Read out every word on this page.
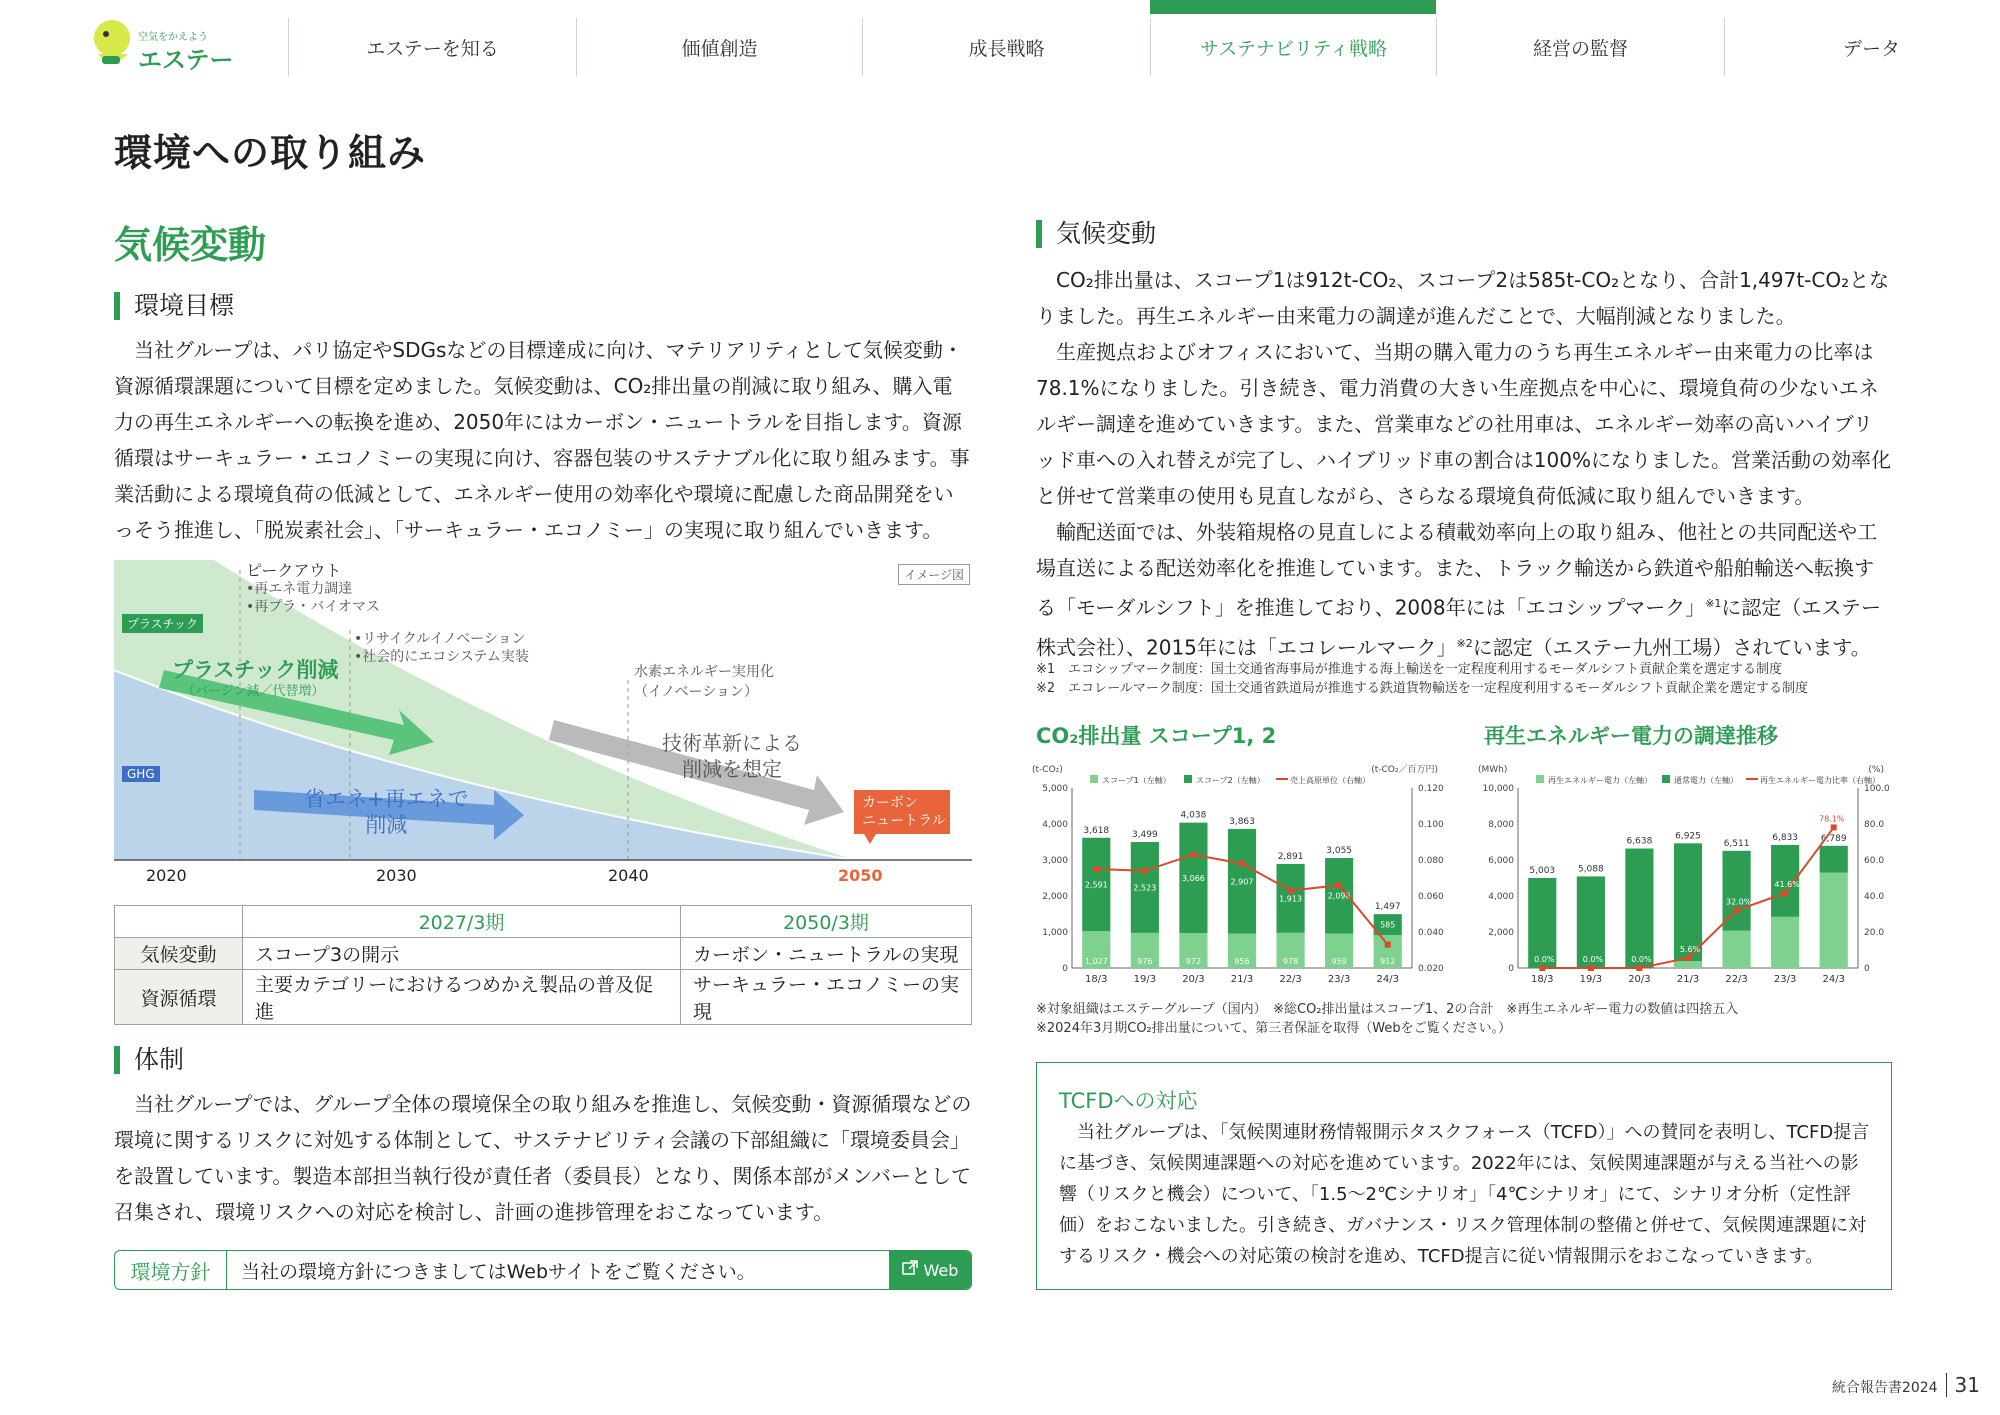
空気をかえよう
エステー	エステーを知る	価値創造	成長戦略	サステナビリティ戦略	経営の監督	データ
環境への取り組み
気候変動
環境目標
当社グループは、パリ協定やSDGsなどの目標達成に向け、マテリアリティとして気候変動・資源循環課題について目標を定めました。気候変動は、CO₂排出量の削減に取り組み、購入電力の再生エネルギーへの転換を進め、2050年にはカーボン・ニュートラルを目指します。資源循環はサーキュラー・エコノミーの実現に向け、容器包装のサステナブル化に取り組みます。事業活動による環境負荷の低減として、エネルギー使用の効率化や環境に配慮した商品開発をいっそう推進し、「脱炭素社会」、「サーキュラー・エコノミー」の実現に取り組んでいきます。
イメージ図
プラスチック
GHG
ピークアウト
•再エネ電力調達
•再プラ・バイオマス
•リサイクルイノベーション
•社会的にエコシステム実装
水素エネルギー実用化
（イノベーション）
プラスチック削減
（バージン減／代替増）
省エネ+再エネで
削減
技術革新による
削減を想定
カーボン
ニュートラル
2020	2030	2040	2050
	2027/3期	2050/3期
気候変動	スコープ3の開示	カーボン・ニュートラルの実現
資源循環	主要カテゴリーにおけるつめかえ製品の普及促進	サーキュラー・エコノミーの実現
体制
当社グループでは、グループ全体の環境保全の取り組みを推進し、気候変動・資源循環などの環境に関するリスクに対処する体制として、サステナビリティ会議の下部組織に「環境委員会」を設置しています。製造本部担当執行役が責任者（委員長）となり、関係本部がメンバーとして召集され、環境リスクへの対応を検討し、計画の進捗管理をおこなっています。
環境方針	当社の環境方針につきましてはWebサイトをご覧ください。	Web
気候変動
CO₂排出量は、スコープ1は912t-CO₂、スコープ2は585t-CO₂となり、合計1,497t-CO₂となりました。再生エネルギー由来電力の調達が進んだことで、大幅削減となりました。
生産拠点およびオフィスにおいて、当期の購入電力のうち再生エネルギー由来電力の比率は78.1%になりました。引き続き、電力消費の大きい生産拠点を中心に、環境負荷の少ないエネルギー調達を進めていきます。また、営業車などの社用車は、エネルギー効率の高いハイブリッド車への入れ替えが完了し、ハイブリッド車の割合は100%になりました。営業活動の効率化と併せて営業車の使用も見直しながら、さらなる環境負荷低減に取り組んでいきます。
輸配送面では、外装箱規格の見直しによる積載効率向上の取り組み、他社との共同配送や工場直送による配送効率化を推進しています。また、トラック輸送から鉄道や船舶輸送へ転換する「モーダルシフト」を推進しており、2008年には「エコシップマーク」$^{※1}$に認定（エステー株式会社）、2015年には「エコレールマーク」$^{※2}$に認定（エステー九州工場）されています。
※1　エコシップマーク制度：国土交通省海事局が推進する海上輸送を一定程度利用するモーダルシフト貢献企業を選定する制度
※2　エコレールマーク制度：国土交通省鉄道局が推進する鉄道貨物輸送を一定程度利用するモーダルシフト貢献企業を選定する制度
CO₂排出量 スコープ1, 2	再生エネルギー電力の調達推移
(t-CO₂)	(t-CO₂／百万円)
0
1,000
2,000
3,000
4,000
5,000
0.020
0.040
0.060
0.080
0.100
0.120
スコープ1（左軸）	スコープ2（左軸）	売上高原単位（右軸）
3,618
1,027
2,591
18/3
3,499
976
2,523
19/3
4,038
972
3,066
20/3
3,863
956
2,907
21/3
2,891
978
1,913
22/3
3,055
959
2,096
23/3
1,497
912
585
24/3
(MWh)	(%)
0
2,000
4,000
6,000
8,000
10,000
0
20.0
40.0
60.0
80.0
100.0
再生エネルギー電力（左軸）	通常電力（左軸）	再生エネルギー電力比率（右軸）
5,003
18/3
5,088
19/3
6,638
20/3
6,925
21/3
6,511
22/3
6,833
23/3
6,789
24/3
0.0%	0.0%	0.0%
5.6%
32.0%
41.6%
78.1%
※対象組織はエステーグループ（国内）　※総CO₂排出量はスコープ1、2の合計　※再生エネルギー電力の数値は四捨五入
※2024年3月期CO₂排出量について、第三者保証を取得（Webをご覧ください。）
TCFDへの対応
当社グループは、「気候関連財務情報開示タスクフォース（TCFD）」への賛同を表明し、TCFD提言に基づき、気候関連課題への対応を進めています。2022年には、気候関連課題が与える当社への影響（リスクと機会）について、「1.5～2℃シナリオ」「4℃シナリオ」にて、シナリオ分析（定性評価）をおこないました。引き続き、ガバナンス・リスク管理体制の整備と併せて、気候関連課題に対するリスク・機会への対応策の検討を進め、TCFD提言に従い情報開示をおこなっていきます。
統合報告書2024 31
